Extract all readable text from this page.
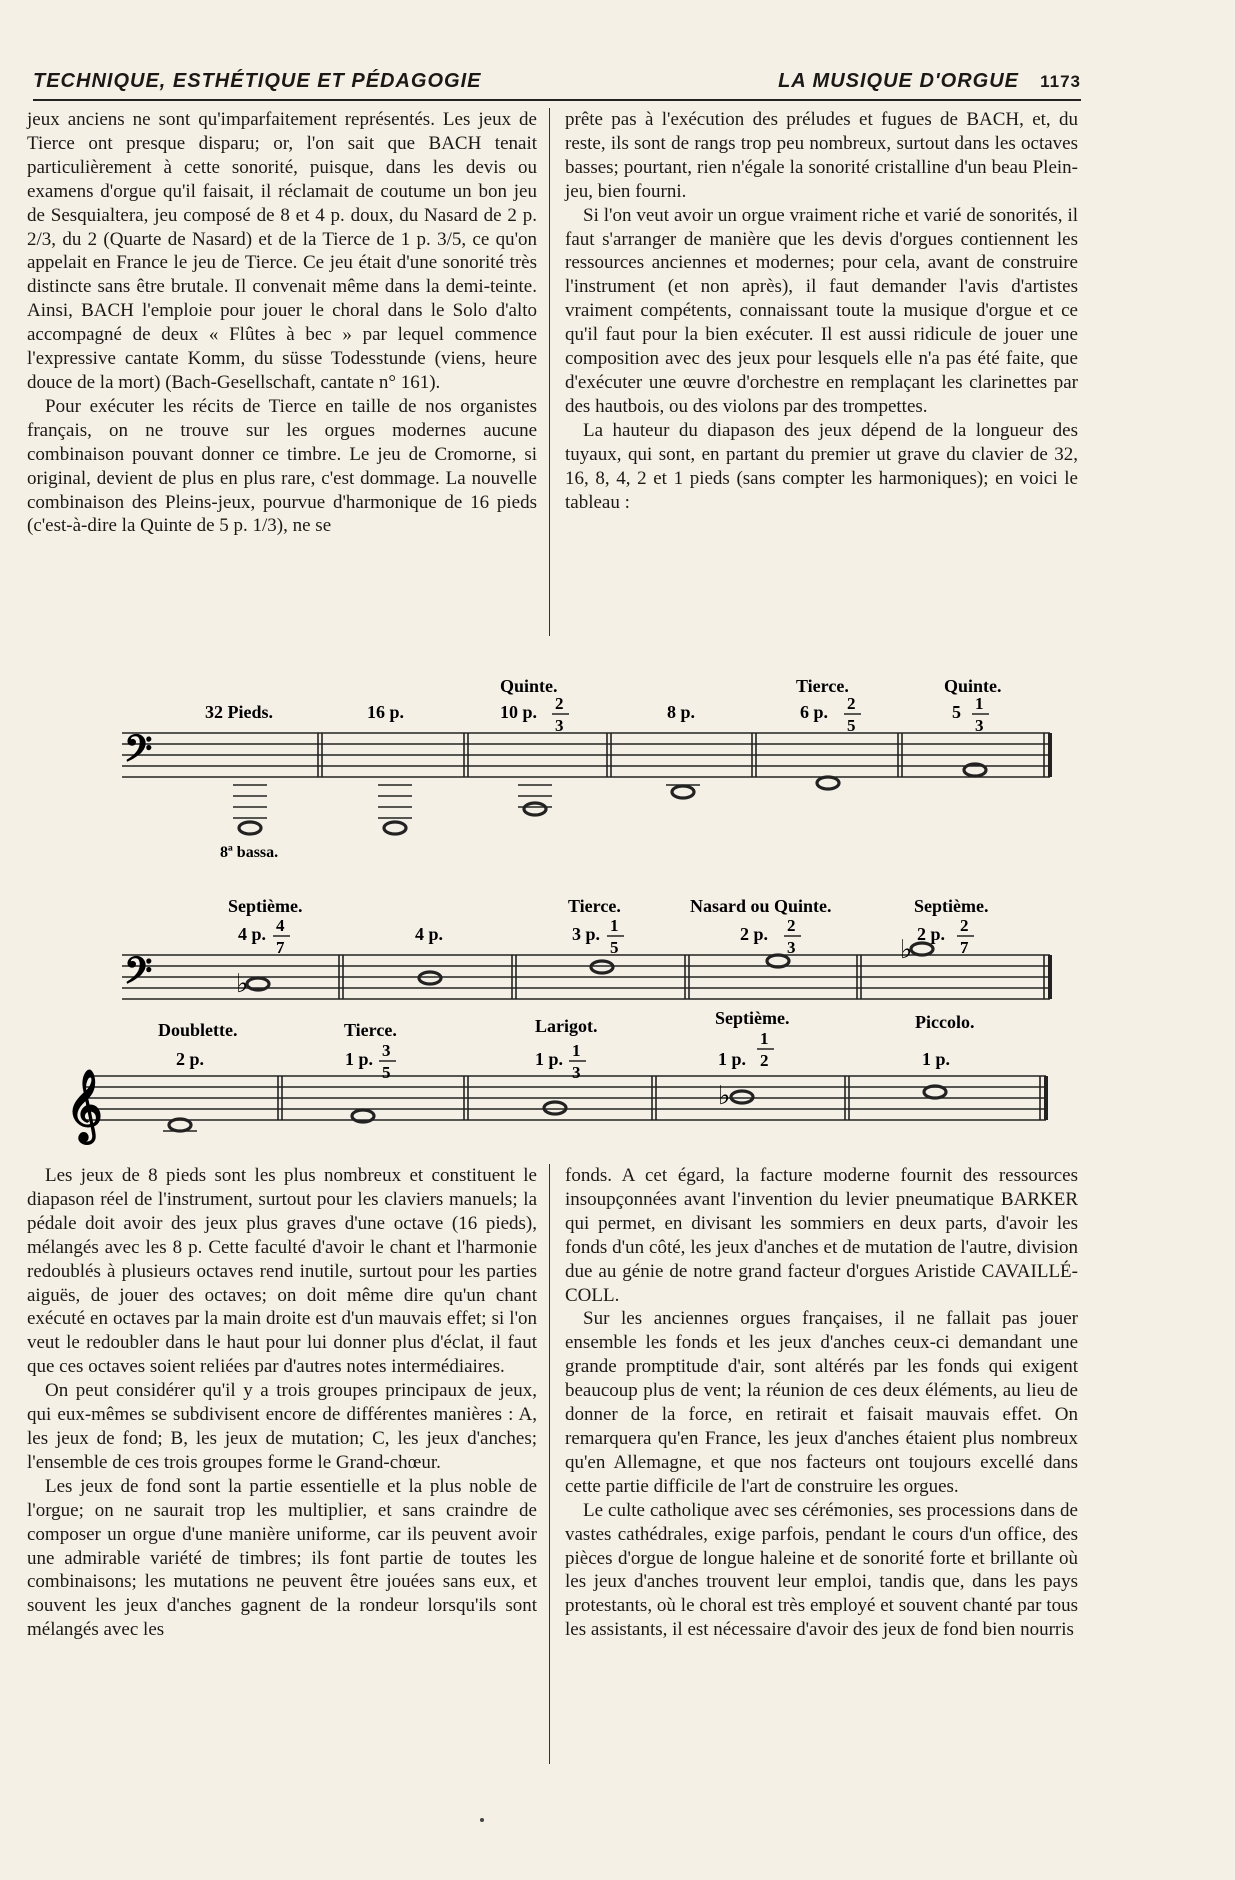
TECHNIQUE, ESTHÉTIQUE ET PÉDAGOGIE	LA MUSIQUE D'ORGUE 1173

jeux anciens ne sont qu'imparfaitement représentés. Les jeux de Tierce ont presque disparu; or, l'on sait que BACH tenait particulièrement à cette sonorité, puisque, dans les devis ou examens d'orgue qu'il faisait, il réclamait de coutume un bon jeu de Sesquialtera, jeu composé de 8 et 4 p. doux, du Nasard de 2 p. 2/3, du 2 (Quarte de Nasard) et de la Tierce de 1 p. 3/5, ce qu'on appelait en France le jeu de Tierce. Ce jeu était d'une sonorité très distincte sans être brutale. Il convenait même dans la demi-teinte. Ainsi, BACH l'emploie pour jouer le choral dans le Solo d'alto accompagné de deux « Flûtes à bec » par lequel commence l'expressive cantate Komm, du süsse Todesstunde (viens, heure douce de la mort) (Bach-Gesellschaft, cantate n° 161).

Pour exécuter les récits de Tierce en taille de nos organistes français, on ne trouve sur les orgues modernes aucune combinaison pouvant donner ce timbre. Le jeu de Cromorne, si original, devient de plus en plus rare, c'est dommage. La nouvelle combinaison des Pleins-jeux, pourvue d'harmonique de 16 pieds (c'est-à-dire la Quinte de 5 p. 1/3), ne se

prête pas à l'exécution des préludes et fugues de BACH, et, du reste, ils sont de rangs trop peu nombreux, surtout dans les octaves basses; pourtant, rien n'égale la sonorité cristalline d'un beau Plein-jeu, bien fourni.

Si l'on veut avoir un orgue vraiment riche et varié de sonorités, il faut s'arranger de manière que les devis d'orgues contiennent les ressources anciennes et modernes; pour cela, avant de construire l'instrument (et non après), il faut demander l'avis d'artistes vraiment compétents, connaissant toute la musique d'orgue et ce qu'il faut pour la bien exécuter. Il est aussi ridicule de jouer une composition avec des jeux pour lesquels elle n'a pas été faite, que d'exécuter une œuvre d'orchestre en remplaçant les clarinettes par des hautbois, ou des violons par des trompettes.

La hauteur du diapason des jeux dépend de la longueur des tuyaux, qui sont, en partant du premier ut grave du clavier de 32, 16, 8, 4, 2 et 1 pieds (sans compter les harmoniques); en voici le tableau :

𝄢
Quinte.	Tierce.	Quinte.
32 Pieds.	16 p.	10 p.	8 p.	6 p.	5
2
3
2
5
1
3
8ª bassa.
𝄢
Septième.	Tierce.	Nasard ou Quinte.	Septième.
4 p.	4 p.	3 p.	2 p.	2 p.
4
7
1
5
2
3
2
7
♭
♭
𝄞
Doublette.	Tierce.	Larigot.	Septième.	Piccolo.
2 p.	1 p.	1 p.	1 p.	1 p.
3
5
1
3
1
2
♭

Les jeux de 8 pieds sont les plus nombreux et constituent le diapason réel de l'instrument, surtout pour les claviers manuels; la pédale doit avoir des jeux plus graves d'une octave (16 pieds), mélangés avec les 8 p. Cette faculté d'avoir le chant et l'harmonie redoublés à plusieurs octaves rend inutile, surtout pour les parties aiguës, de jouer des octaves; on doit même dire qu'un chant exécuté en octaves par la main droite est d'un mauvais effet; si l'on veut le redoubler dans le haut pour lui donner plus d'éclat, il faut que ces octaves soient reliées par d'autres notes intermédiaires.

On peut considérer qu'il y a trois groupes principaux de jeux, qui eux-mêmes se subdivisent encore de différentes manières : A, les jeux de fond; B, les jeux de mutation; C, les jeux d'anches; l'ensemble de ces trois groupes forme le Grand-chœur.

Les jeux de fond sont la partie essentielle et la plus noble de l'orgue; on ne saurait trop les multiplier, et sans craindre de composer un orgue d'une manière uniforme, car ils peuvent avoir une admirable variété de timbres; ils font partie de toutes les combinaisons; les mutations ne peuvent être jouées sans eux, et souvent les jeux d'anches gagnent de la rondeur lorsqu'ils sont mélangés avec les

fonds. A cet égard, la facture moderne fournit des ressources insoupçonnées avant l'invention du levier pneumatique BARKER qui permet, en divisant les sommiers en deux parts, d'avoir les fonds d'un côté, les jeux d'anches et de mutation de l'autre, division due au génie de notre grand facteur d'orgues Aristide CAVAILLÉ-COLL.

Sur les anciennes orgues françaises, il ne fallait pas jouer ensemble les fonds et les jeux d'anches ceux-ci demandant une grande promptitude d'air, sont altérés par les fonds qui exigent beaucoup plus de vent; la réunion de ces deux éléments, au lieu de donner de la force, en retirait et faisait mauvais effet. On remarquera qu'en France, les jeux d'anches étaient plus nombreux qu'en Allemagne, et que nos facteurs ont toujours excellé dans cette partie difficile de l'art de construire les orgues.

Le culte catholique avec ses cérémonies, ses processions dans de vastes cathédrales, exige parfois, pendant le cours d'un office, des pièces d'orgue de longue haleine et de sonorité forte et brillante où les jeux d'anches trouvent leur emploi, tandis que, dans les pays protestants, où le choral est très employé et souvent chanté par tous les assistants, il est nécessaire d'avoir des jeux de fond bien nourris
